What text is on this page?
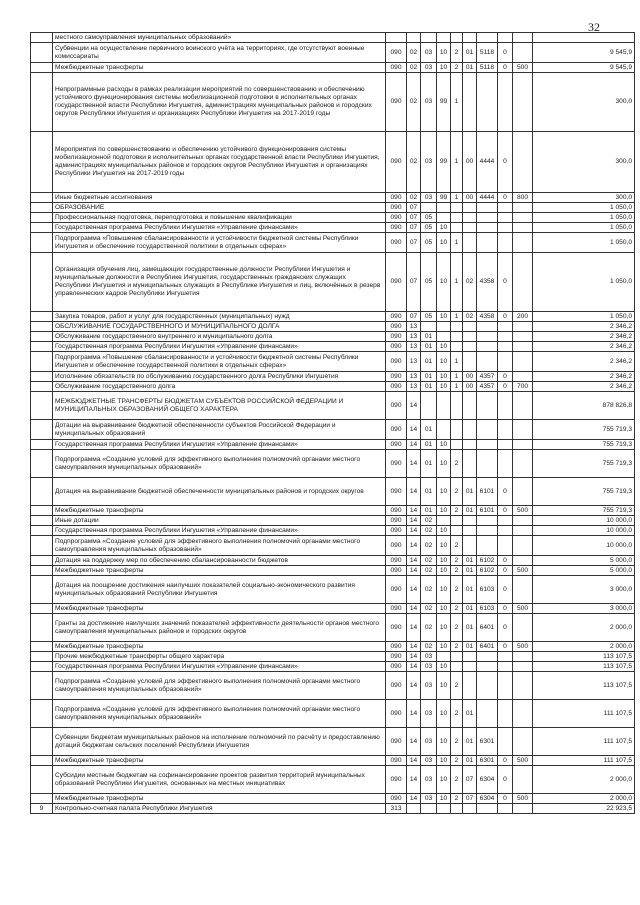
32
	местного самоуправления муниципальных образований»										
	Субвенции на осуществление первичного воинского учёта на территориях, где отсутствуют военные комиссариаты	090	02	03	10	2	01	5118	0		9 545,9
	Межбюджетные трансферты	090	02	03	10	2	01	5118	0	500	9 545,9
	Непрограммные расходы в рамках реализации мероприятий по совершенствованию и обеспечению устойчивого функционирования системы мобилизационной подготовки в исполнительных органах государственной власти Республики Ингушетия, администрациях муниципальных районов и городских округов Республики Ингушетия и организациях Республики Ингушетия на 2017-2019 годы	090	02	03	99	1					300,0
	Мероприятия по совершенствованию и обеспечению устойчивого функционирования системы мобилизационной подготовки в исполнительных органах государственной власти Республики Ингушетия, администрациях муниципальных районов и городских округов Республики Ингушетия и организациях Республики Ингушетия на 2017-2019 годы	090	02	03	99	1	00	4444	0		300,0
	Иные бюджетные ассигнования	090	02	03	99	1	00	4444	0	800	300,0
	ОБРАЗОВАНИЕ	090	07								1 050,0
	Профессиональная подготовка, переподготовка и повышение квалификации	090	07	05							1 050,0
	Государственная программа Республики Ингушетия «Управление финансами»	090	07	05	10						1 050,0
	Подпрограмма «Повышение сбалансированности и устойчивости бюджетной системы Республики Ингушетия и обеспечение государственной политики в отдельных сферах»	090	07	05	10	1					1 050,0
	Организация обучения лиц, замещающих государственные должности Республики Ингушетия и муниципальные должности в Республике Ингушетия, государственных гражданских служащих Республики Ингушетия и муниципальных служащих в Республике Ингушетия и лиц, включённых в резерв управленческих кадров Республики Ингушетия	090	07	05	10	1	02	4358	0		1 050,0
	Закупка товаров, работ и услуг для государственных (муниципальных) нужд	090	07	05	10	1	02	4358	0	200	1 050,0
	ОБСЛУЖИВАНИЕ ГОСУДАРСТВЕННОГО И МУНИЦИПАЛЬНОГО ДОЛГА	090	13								2 346,2
	Обслуживание государственного внутреннего и муниципального долга	090	13	01							2 346,2
	Государственная программа Республики Ингушетия «Управление финансами»	090	13	01	10						2 346,2
	Подпрограмма «Повышение сбалансированности и устойчивости бюджетной системы Республики Ингушетия и обеспечение государственной политики в отдельных сферах»	090	13	01	10	1					2 346,2
	Исполнение обязательств по обслуживанию государственного долга Республики Ингушетия	090	13	01	10	1	00	4357	0		2 346,2
	Обслуживание государственного долга	090	13	01	10	1	00	4357	0	700	2 346,2
	МЕЖБЮДЖЕТНЫЕ ТРАНСФЕРТЫ БЮДЖЕТАМ СУБЪЕКТОВ РОССИЙСКОЙ ФЕДЕРАЦИИ И МУНИЦИПАЛЬНЫХ ОБРАЗОВАНИЙ ОБЩЕГО ХАРАКТЕРА	090	14								878 826,8
	Дотации на выравнивание бюджетной обеспеченности субъектов Российской Федерации и муниципальных образований	090	14	01							755 719,3
	Государственная программа Республики Ингушетия «Управление финансами»	090	14	01	10						755 719,3
	Подпрограмма «Создание условий для эффективного выполнения полномочий органами местного самоуправления муниципальных образований»	090	14	01	10	2					755 719,3
	Дотация на выравнивание бюджетной обеспеченности муниципальных районов и городских округов	090	14	01	10	2	01	6101	0		755 719,3
	Межбюджетные трансферты	090	14	01	10	2	01	6101	0	500	755 719,3
	Иные дотации	090	14	02							10 000,0
	Государственная программа Республики Ингушетия «Управление финансами»	090	14	02	10						10 000,0
	Подпрограмма «Создание условий для эффективного выполнения полномочий органами местного самоуправления муниципальных образований»	090	14	02	10	2					10 000,0
	Дотация на поддержку мер по обеспечению сбалансированности бюджетов	090	14	02	10	2	01	6102	0		5 000,0
	Межбюджетные трансферты	090	14	02	10	2	01	6102	0	500	5 000,0
	Дотация на поощрение достижения наилучших показателей социально-экономического развития муниципальных образований Республики Ингушетия	090	14	02	10	2	01	6103	0		3 000,0
	Межбюджетные трансферты	090	14	02	10	2	01	6103	0	500	3 000,0
	Гранты за достижение наилучших значений показателей эффективности деятельности органов местного самоуправления муниципальных районов и городских округов	090	14	02	10	2	01	6401	0		2 000,0
	Межбюджетные трансферты	090	14	02	10	2	01	6401	0	500	2 000,0
	Прочие межбюджетные трансферты общего характера	090	14	03							113 107,5
	Государственная программа Республики Ингушетия «Управление финансами»	090	14	03	10						113 107,5
	Подпрограмма «Создание условий для эффективного выполнения полномочий органами местного самоуправления муниципальных образований»	090	14	03	10	2					113 107,5
	Подпрограмма «Создание условий для эффективного выполнения полномочий органами местного самоуправления муниципальных образований»	090	14	03	10	2	01				111 107,5
	Субвенции бюджетам муниципальных районов на исполнение полномочий по расчёту и предоставлению дотаций бюджетам сельских поселений Республики Ингушетия	090	14	03	10	2	01	6301			111 107,5
	Межбюджетные трансферты	090	14	03	10	2	01	6301	0	500	111 107,5
	Субсидии местным бюджетам на софинансирование проектов развития территорий муниципальных образований Республики Ингушетия, основанных на местных инициативах	090	14	03	10	2	07	6304	0		2 000,0
	Межбюджетные трансферты	090	14	03	10	2	07	6304	0	500	2 000,0
9	Контрольно-счетная палата Республики Ингушетия	313									22 923,5
